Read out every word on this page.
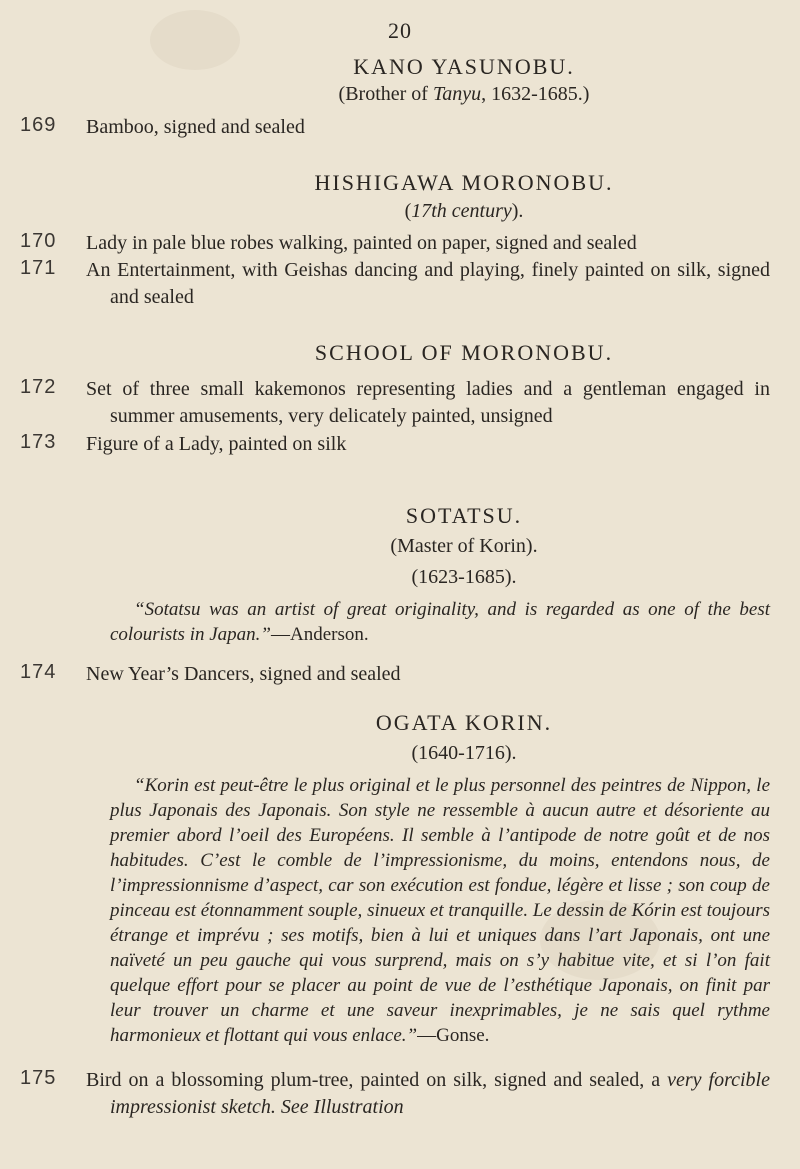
20

KANO YASUNOBU.

(Brother of Tanyu, 1632-1685.)

169 Bamboo, signed and sealed

HISHIGAWA MORONOBU.

(17th century).

170 Lady in pale blue robes walking, painted on paper, signed and sealed

171 An Entertainment, with Geishas dancing and playing, finely painted on silk, signed and sealed

SCHOOL OF MORONOBU.

172 Set of three small kakemonos representing ladies and a gentleman engaged in summer amusements, very delicately painted, unsigned

173 Figure of a Lady, painted on silk

SOTATSU.

(Master of Korin).

(1623-1685).

“Sotatsu was an artist of great originality, and is regarded as one of the best colourists in Japan.”—Anderson.

174 New Year’s Dancers, signed and sealed

OGATA KORIN.

(1640-1716).

“Korin est peut-être le plus original et le plus personnel des peintres de Nippon, le plus Japonais des Japonais. Son style ne ressemble à aucun autre et désoriente au premier abord l’oeil des Européens. Il semble à l’antipode de notre goût et de nos habitudes. C’est le comble de l’impressionisme, du moins, entendons nous, de l’impressionnisme d’aspect, car son exécution est fondue, légère et lisse ; son coup de pinceau est étonnamment souple, sinueux et tranquille. Le dessin de Kórin est toujours étrange et imprévu ; ses motifs, bien à lui et uniques dans l’art Japonais, ont une naïveté un peu gauche qui vous surprend, mais on s’y habitue vite, et si l’on fait quelque effort pour se placer au point de vue de l’esthétique Japonais, on finit par leur trouver un charme et une saveur inexprimables, je ne sais quel rythme harmonieux et flottant qui vous enlace.”—Gonse.

175 Bird on a blossoming plum-tree, painted on silk, signed and sealed, a very forcible impressionist sketch. See Illustration
